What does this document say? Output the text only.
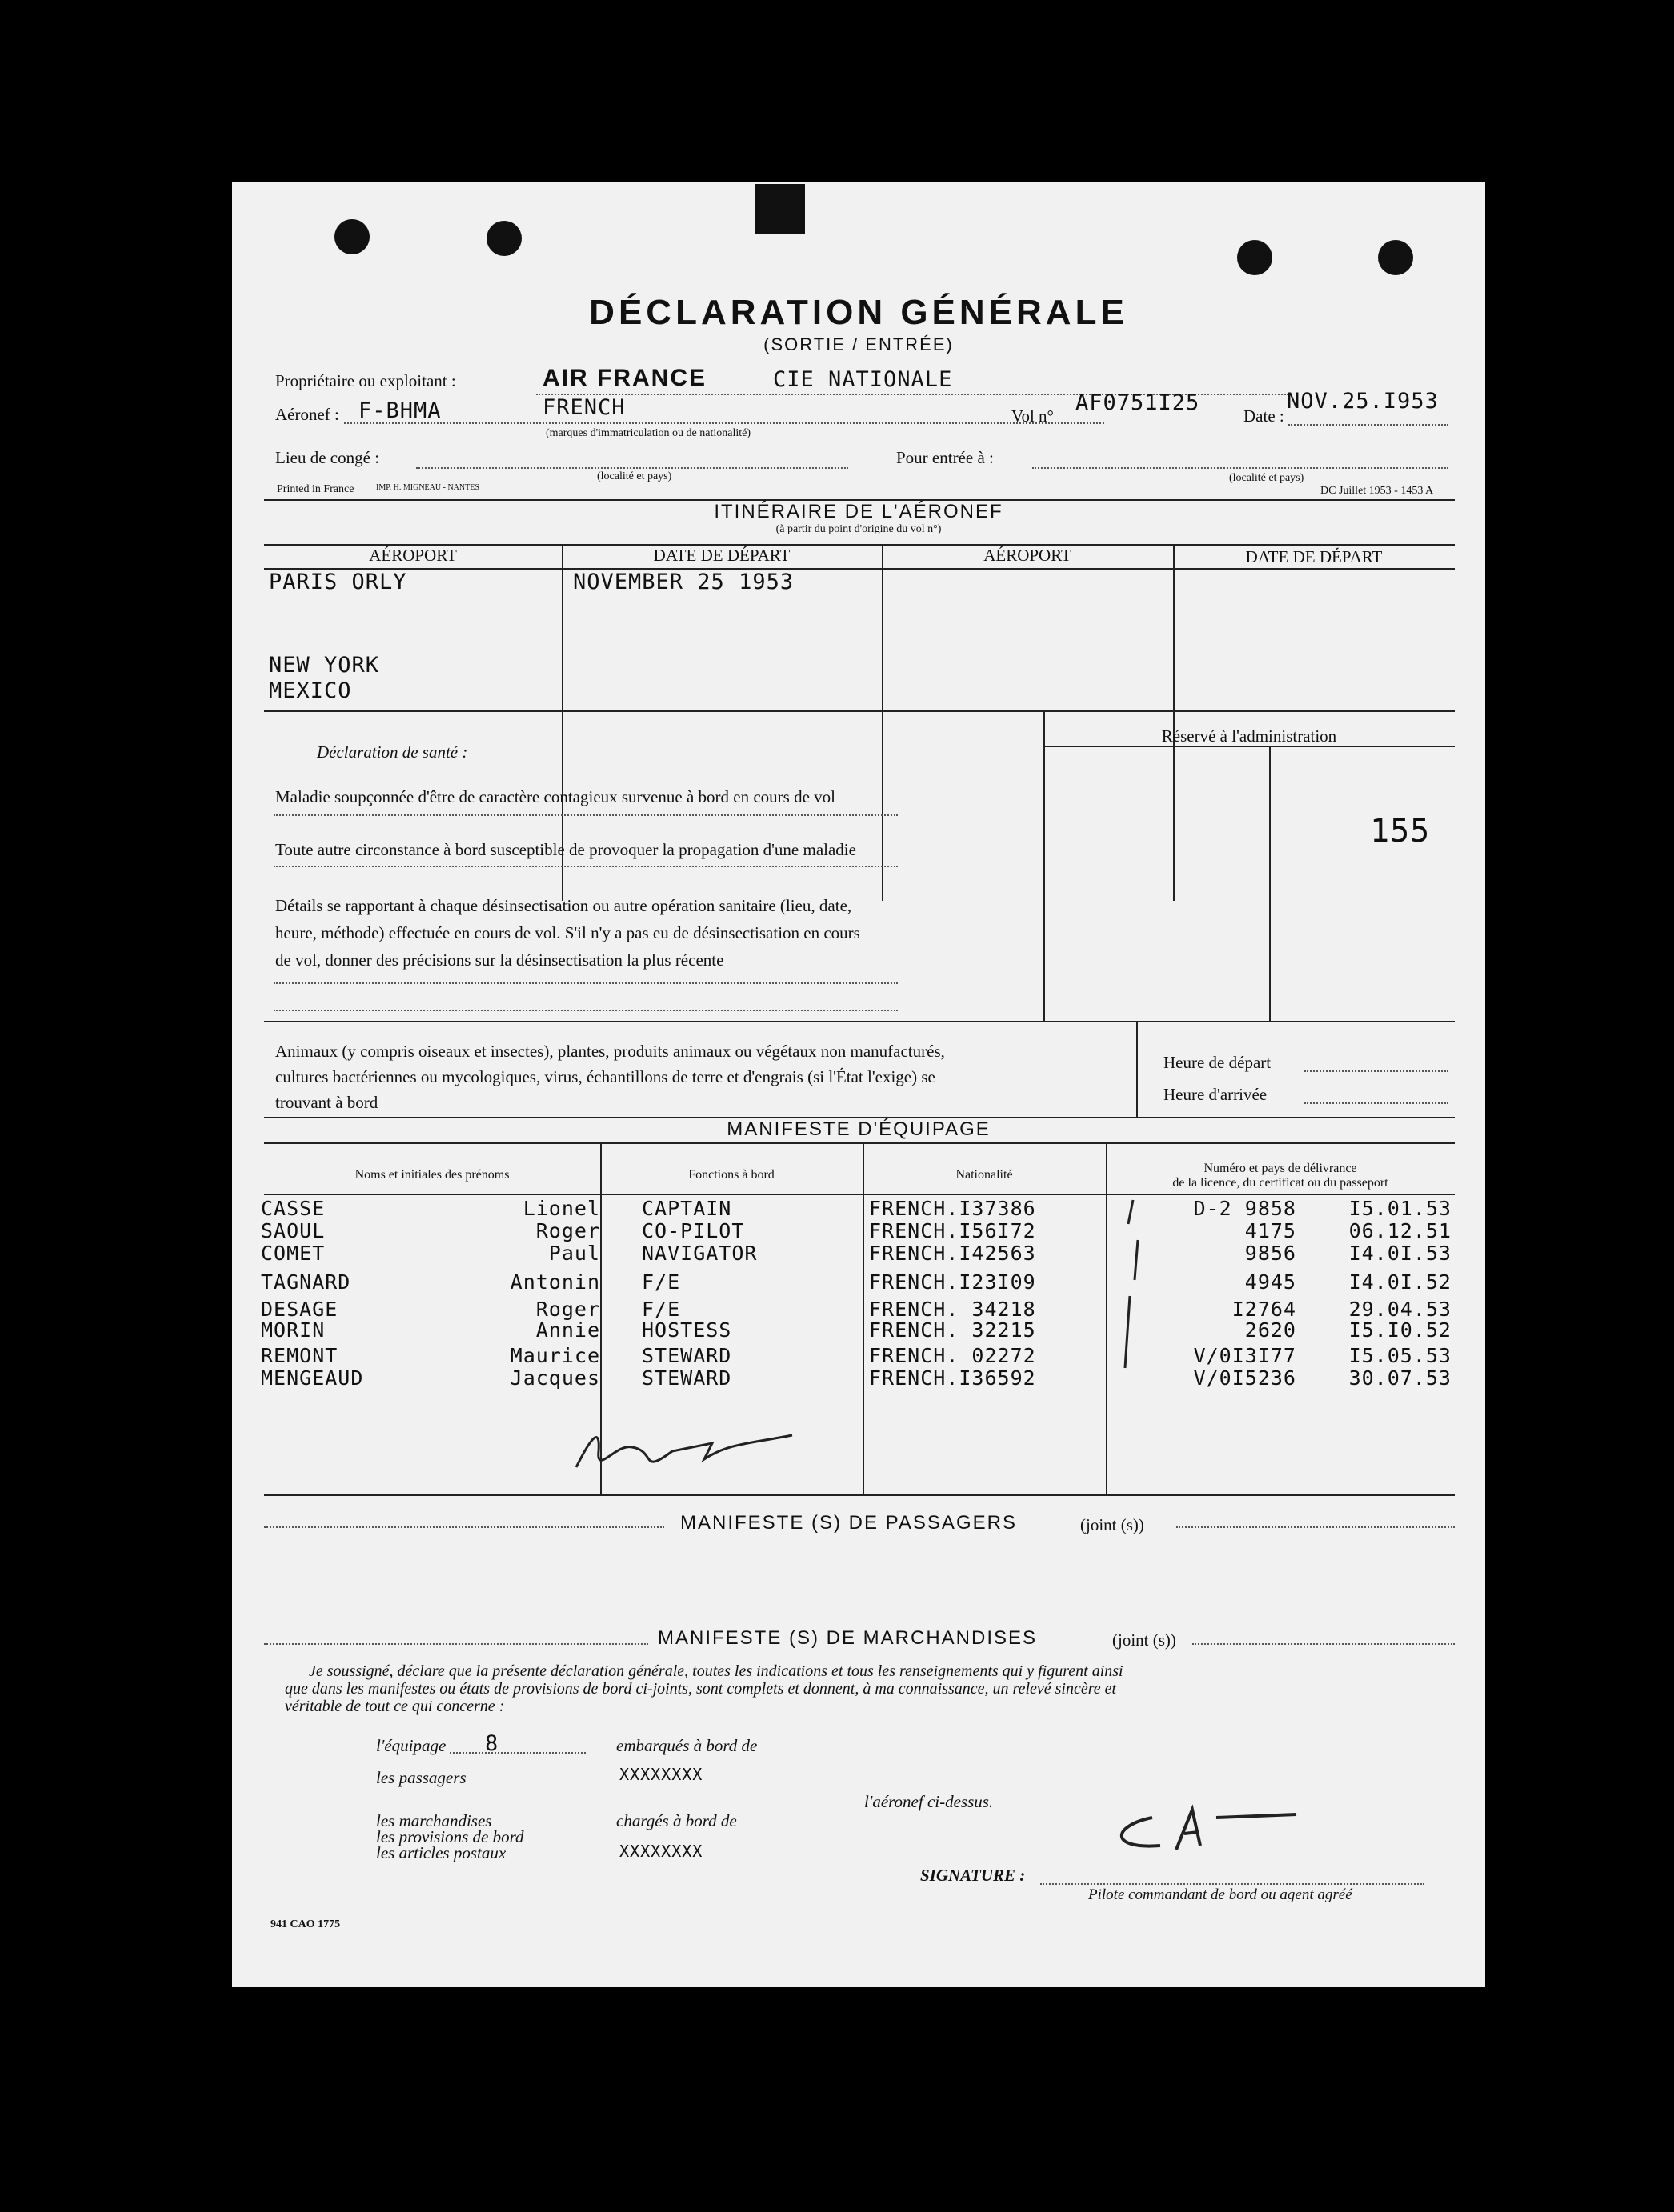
DÉCLARATION GÉNÉRALE
(SORTIE / ENTRÉE)
Propriétaire ou exploitant :	AIR FRANCE	CIE NATIONALE
Aéronef : F-BHMA	FRENCH
(marques d'immatriculation ou de nationalité)
Vol n°
AF0751I25
Date :
NOV.25.I953
Lieu de congé :
(localité et pays)
Pour entrée à :
(localité et pays)
Printed in France	IMP. H. MIGNEAU - NANTES	DC Juillet 1953 - 1453 A
ITINÉRAIRE DE L'AÉRONEF
(à partir du point d'origine du vol n°)
AÉROPORT	DATE DE DÉPART	AÉROPORT	DATE DE DÉPART
PARIS ORLY	NOVEMBER 25 1953
NEW YORK
MEXICO
Déclaration de santé :
Maladie soupçonnée d'être de caractère contagieux survenue à bord en cours de vol
Toute autre circonstance à bord susceptible de provoquer la propagation d'une maladie
Détails se rapportant à chaque désinsectisation ou autre opération sanitaire (lieu, date,
heure, méthode) effectuée en cours de vol. S'il n'y a pas eu de désinsectisation en cours
de vol, donner des précisions sur la désinsectisation la plus récente
Réservé à l'administration
155
Animaux (y compris oiseaux et insectes), plantes, produits animaux ou végétaux non manufacturés,
cultures bactériennes ou mycologiques, virus, échantillons de terre et d'engrais (si l'État l'exige) se
trouvant à bord
Heure de départ
Heure d'arrivée
MANIFESTE D'ÉQUIPAGE
Noms et initiales des prénoms	Fonctions à bord	Nationalité	Numéro et pays de délivrance
de la licence, du certificat ou du passeport
CASSE	Lionel CAPTAIN	FRENCH.I37386	D-2 9858	I5.01.53
SAOUL	Roger CO-PILOT	FRENCH.I56I72	4175	06.12.51
COMET	Paul NAVIGATOR	FRENCH.I42563	9856	I4.0I.53
TAGNARD	Antonin F/E	FRENCH.I23I09	4945	I4.0I.52
DESAGE	Roger F/E	FRENCH. 34218	I2764	29.04.53
MORIN	Annie HOSTESS	FRENCH. 32215	2620	I5.I0.52
REMONT	Maurice STEWARD	FRENCH. 02272	V/0I3I77	I5.05.53
MENGEAUD	Jacques STEWARD	FRENCH.I36592	V/0I5236	30.07.53
MANIFESTE (S) DE PASSAGERS	(joint (s))
MANIFESTE (S) DE MARCHANDISES	(joint (s))
Je soussigné, déclare que la présente déclaration générale, toutes les indications et tous les renseignements qui y figurent ainsi
que dans les manifestes ou états de provisions de bord ci-joints, sont complets et donnent, à ma connaissance, un relevé sincère et
véritable de tout ce qui concerne :
l'équipage 8	embarqués à bord de
les passagers	XXXXXXXX
l'aéronef ci-dessus.
les marchandises
les provisions de bord
les articles postaux
chargés à bord de
XXXXXXXX
SIGNATURE :
Pilote commandant de bord ou agent agréé
941 CAO 1775
